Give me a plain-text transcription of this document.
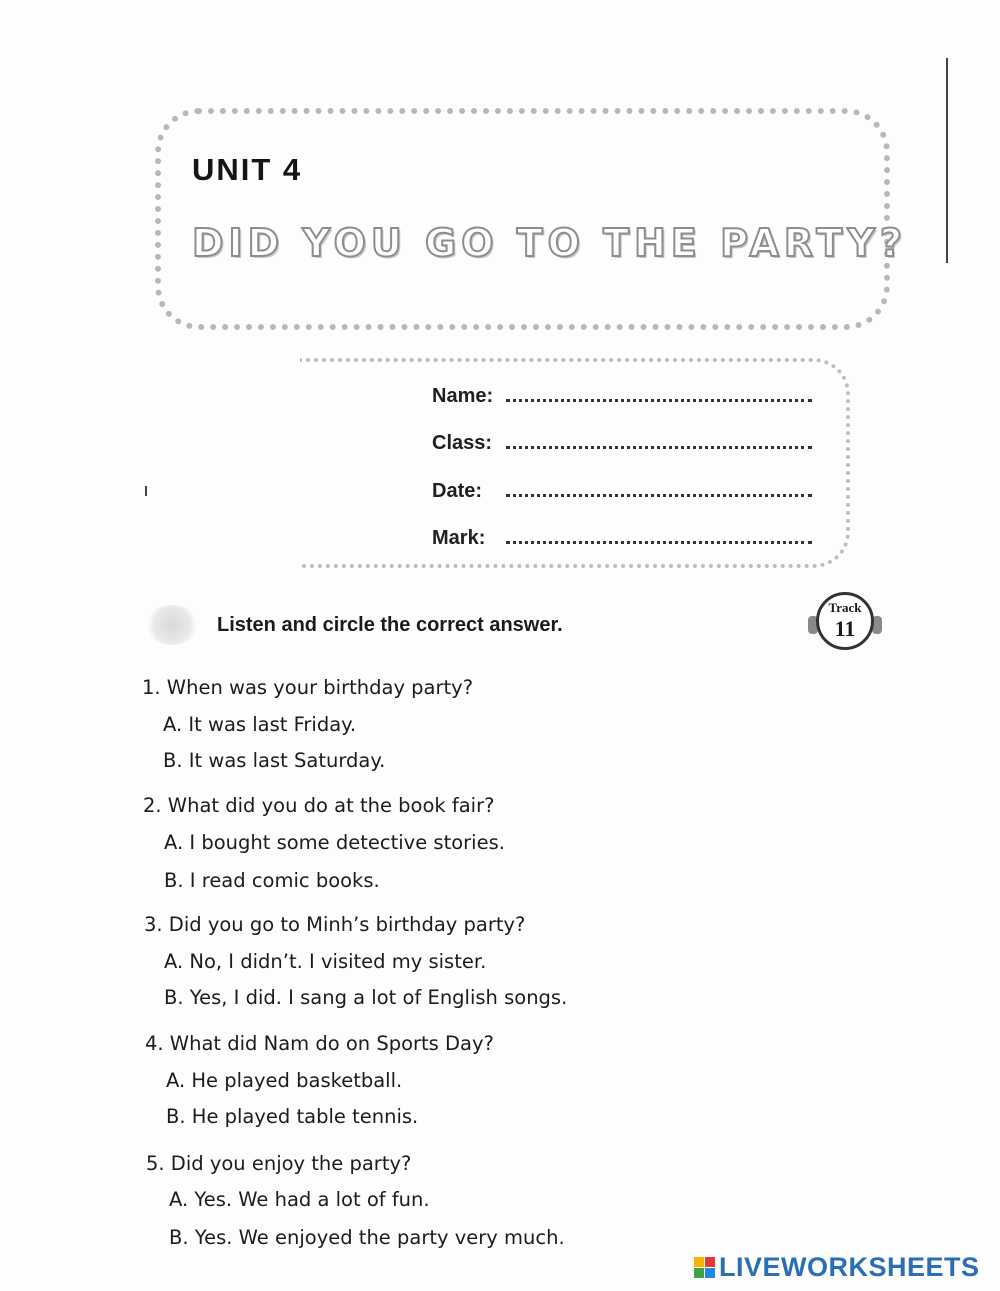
UNIT 4
DID YOU GO TO THE PARTY?
Name:
Class:
Date:
Mark:

Listen and circle the correct answer.

Track
11

1. When was your birthday party?

A. It was last Friday.

B. It was last Saturday.

2. What did you do at the book fair?

A. I bought some detective stories.

B. I read comic books.

3. Did you go to Minh’s birthday party?

A. No, I didn’t. I visited my sister.

B. Yes, I did. I sang a lot of English songs.

4. What did Nam do on Sports Day?

A. He played basketball.

B. He played table tennis.

5. Did you enjoy the party?

A. Yes. We had a lot of fun.

B. Yes. We enjoyed the party very much.

LIVEWORKSHEETS
